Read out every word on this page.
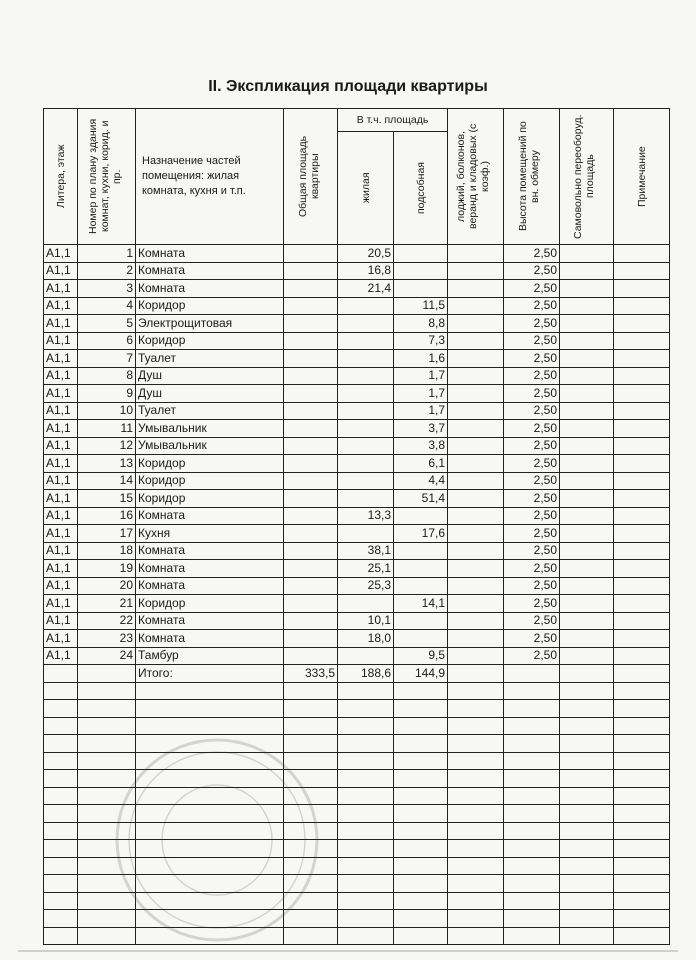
II. Экспликация площади квартиры
Литера, этаж	Номер по плану здания комнат, кухни, корид. и пр.	Назначение частей помещения: жилая комната, кухня и т.п.	Общая площадь квартиры	В т.ч. площадь		лоджий, болконов, веранд и кладовых (с коэф.)	Высота помещений по вн. обмеру	Самовольно переоборуд. площадь	Примечание

				жилая	подсобная				

А1,1	1	Комната		20,5			2,50		
А1,1	2	Комната		16,8			2,50		
А1,1	3	Комната		21,4			2,50		
А1,1	4	Коридор			11,5		2,50		
А1,1	5	Электрощитовая			8,8		2,50		
А1,1	6	Коридор			7,3		2,50		
А1,1	7	Туалет			1,6		2,50		
А1,1	8	Душ			1,7		2,50		
А1,1	9	Душ			1,7		2,50		
А1,1	10	Туалет			1,7		2,50		
А1,1	11	Умывальник			3,7		2,50		
А1,1	12	Умывальник			3,8		2,50		
А1,1	13	Коридор			6,1		2,50		
А1,1	14	Коридор			4,4		2,50		
А1,1	15	Коридор			51,4		2,50		
А1,1	16	Комната		13,3			2,50		
А1,1	17	Кухня			17,6		2,50		
А1,1	18	Комната		38,1			2,50		
А1,1	19	Комната		25,1			2,50		
А1,1	20	Комната		25,3			2,50		
А1,1	21	Коридор			14,1		2,50		
А1,1	22	Комната		10,1			2,50		
А1,1	23	Комната		18,0			2,50		
А1,1	24	Тамбур			9,5		2,50		
		Итого:	333,5	188,6	144,9				
